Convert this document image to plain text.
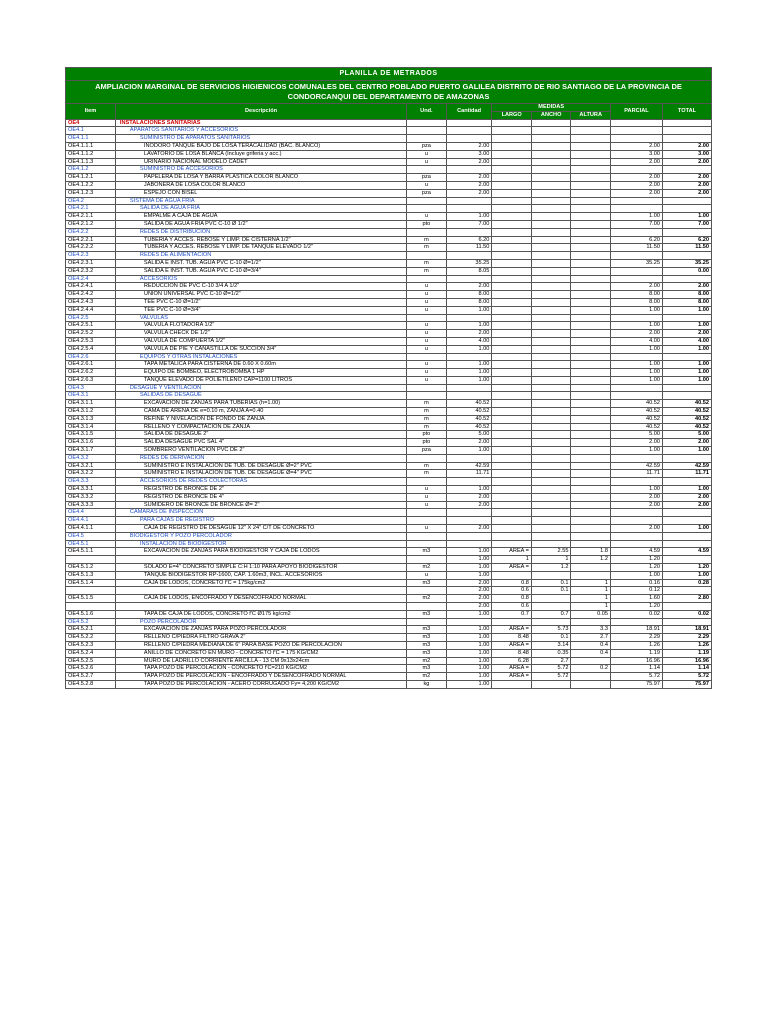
PLANILLA DE METRADOS								
AMPLIACION MARGINAL DE SERVICIOS HIGIENICOS COMUNALES DEL CENTRO POBLADO PUERTO GALILEA DISTRITO DE RIO SANTIAGO DE LA PROVINCIA DE CONDORCANQUI DEL DEPARTAMENTO DE AMAZONAS								
Item	Descripción	Und.	Cantidad	MEDIDAS			PARCIAL	TOTAL
				LARGO	ANCHO	ALTURA		
OE4	INSTALACIONES SANITARIAS							
OE4.1	APARATOS SANITARIOS Y ACCESORIOS							
OE4.1.1	SUMINISTRO DE APARATOS SANITARIOS							
OE4.1.1.1	INODORO TANQUE BAJO DE LOSA TERACALIDAD (BAC. BLANCO)	pza	2.00				2.00	2.00
OE4.1.1.2	LAVATORIO DE LOSA BLANCA (Incluye griferia y acc.)	u	3.00				3.00	3.00
OE4.1.1.3	URINARIO NACIONAL MODELO CADET	u	2.00				2.00	2.00
OE4.1.2	SUMINISTRO DE ACCESORIOS							
OE4.1.2.1	PAPELERA DE LOSA Y BARRA PLASTICA COLOR BLANCO	pza	2.00				2.00	2.00
OE4.1.2.2	JABONERA DE LOSA COLOR BLANCO	u	2.00				2.00	2.00
OE4.1.2.3	ESPEJO CON BISEL	pza	2.00				2.00	2.00
OE4.2	SISTEMA DE AGUA FRIA							
OE4.2.1	SALIDA DE AGUA FRIA							
OE4.2.1.1	EMPALME A CAJA DE AGUA	u	1.00				1.00	1.00
OE4.2.1.2	SALIDA DE AGUA FRIA PVC C-10 Ø 1/2"	pto	7.00				7.00	7.00
OE4.2.2	REDES DE DISTRIBUCION							
OE4.2.2.1	TUBERIA Y ACCES. REBOSE Y LIMP. DE CISTERNA 1/2"	m	6.20				6.20	6.20
OE4.2.2.2	TUBERIA Y ACCES. REBOSE Y LIMP. DE TANQUE ELEVADO 1/2"	m	11.50				11.50	11.50
OE4.2.3	REDES DE ALIMENTACION							
OE4.2.3.1	SALIDA E INST. TUB. AGUA PVC C-10 Ø=1/2"	m	35.25				35.25	35.25
OE4.2.3.2	SALIDA E INST. TUB. AGUA PVC C-10 Ø=3/4"	m	8.05					0.00
OE4.2.4	ACCESORIOS							
OE4.2.4.1	REDUCCION DE PVC C-10 3/4 A 1/2"	u	2.00				2.00	2.00
OE4.2.4.2	UNION UNIVERSAL PVC C-10 Ø=1/2"	u	8.00				8.00	8.00
OE4.2.4.3	TEE PVC C-10 Ø=1/2"	u	8.00				8.00	8.00
OE4.2.4.4	TEE PVC C-10 Ø=3/4"	u	1.00				1.00	1.00
OE4.2.5	VALVULAS							
OE4.2.5.1	VALVULA FLOTADORA 1/2"	u	1.00				1.00	1.00
OE4.2.5.2	VALVULA CHECK DE 1/2"	u	2.00				2.00	2.00
OE4.2.5.3	VALVULA DE COMPUERTA 1/2"	u	4.00				4.00	4.00
OE4.2.5.4	VALVULA DE PIE Y CANASTILLA DE SUCCION 3/4"	u	1.00				1.00	1.00
OE4.2.6	EQUIPOS Y OTRAS INSTALACIONES							
OE4.2.6.1	TAPA METALICA PARA CISTERNA DE 0.60 X 0.60m	u	1.00				1.00	1.00
OE4.2.6.2	EQUIPO DE BOMBEO, ELECTROBOMBA 1 HP	u	1.00				1.00	1.00
OE4.2.6.3	TANQUE ELEVADO DE POLIETILENO CAP=1100 LITROS	u	1.00				1.00	1.00
OE4.3	DESAGUE Y VENTILACION							
OE4.3.1	SALIDAS DE DESAGUE							
OE4.3.1.1	EXCAVACION DE ZANJAS PARA TUBERIAS (h=1.00)	m	40.52				40.52	40.52
OE4.3.1.2	CAMA DE ARENA DE e=0.10 m, ZANJA A=0.40	m	40.52				40.52	40.52
OE4.3.1.3	REFINE Y NIVELACION DE FONDO DE ZANJA	m	40.52				40.52	40.52
OE4.3.1.4	RELLENO Y COMPACTACION DE ZANJA	m	40.52				40.52	40.52
OE4.3.1.5	SALIDA DE DESAGUE 2"	pto	5.00				5.00	5.00
OE4.3.1.6	SALIDA DESAGUE PVC SAL 4"	pto	2.00				2.00	2.00
OE4.3.1.7	SOMBRERO VENTILACION PVC DE 2"	pza	1.00				1.00	1.00
OE4.3.2	REDES DE DERIVACION							
OE4.3.2.1	SUMINISTRO E INSTALACION DE TUB. DE DESAGUE Ø=2" PVC	m	42.59				42.59	42.59
OE4.3.2.2	SUMINISTRO E INSTALACION DE TUB. DE DESAGUE Ø=4" PVC	m	11.71				11.71	11.71
OE4.3.3	ACCESORIOS DE REDES COLECTORAS							
OE4.3.3.1	REGISTRO DE BRONCE DE 2"	u	1.00				1.00	1.00
OE4.3.3.2	REGISTRO DE BRONCE DE 4"	u	2.00				2.00	2.00
OE4.3.3.3	SUMIDERO DE BRONCE DE BRONCE Ø= 2"	u	2.00				2.00	2.00
OE4.4	CAMARAS DE INSPECCION							
OE4.4.1	PARA CAJAS DE REGISTRO							
OE4.4.1.1	CAJA DE REGISTRO DE DESAGUE 12" X 24" C/T DE CONCRETO	u	2.00				2.00	1.00
OE4.5	BIODIGESTOR Y POZO PERCOLADOR							
OE4.5.1	INSTALACION DE BIODIGESTOR							
OE4.5.1.1	EXCAVACION DE ZANJAS PARA BIODIGESTOR Y CAJA DE LODOS	m3	1.00	AREA =	2.55	1.8	4.59	4.59
			1.00	1	1	1.2	1.20	
OE4.5.1.2	SOLADO E=4" CONCRETO SIMPLE C:H 1:10 PARA APOYO BIODIGESTOR	m2	1.00	AREA =	1.2		1.20	1.20
OE4.5.1.3	TANQUE BIODIGESTOR RP-1600, CAP. 1.60m3, INCL. ACCESORIOS	u	1.00				1.00	1.00
OE4.5.1.4	CAJA DE LODOS, CONCRETO f'C = 175kg/cm2	m3	2.00	0.8	0.1	1	0.16	0.28
			2.00	0.6	0.1	1	0.12	
OE4.5.1.5	CAJA DE LODOS, ENCOFRADO Y DESENCOFRADO NORMAL	m2	2.00	0.8		1	1.60	2.80
			2.00	0.6		1	1.20	
OE4.5.1.6	TAPA DE CAJA DE LODOS, CONCRETO f'C Ø175 kg/cm2	m3	1.00	0.7	0.7	0.05	0.02	0.02
OE4.5.2	POZO PERCOLADOR							
OE4.5.2.1	EXCAVACION DE ZANJAS PARA POZO PERCOLADOR	m3	1.00	AREA =	5.73	3.3	18.91	18.91
OE4.5.2.2	RELLENO C/PIEDRA FILTRO GRAVA 2"	m3	1.00	8.48	0.1	2.7	2.29	2.29
OE4.5.2.3	RELLENO C/PIEDRA MEDIANA DE 6" PARA BASE POZO DE PERCOLACION	m3	1.00	AREA =	3.14	0.4	1.26	1.26
OE4.5.2.4	ANILLO DE CONCRETO EN MURO - CONCRETO f'C = 175 KG/CM2	m3	1.00	8.48	0.35	0.4	1.19	1.19
OE4.5.2.5	MURO DE LADRILLO CORRIENTE ARCILLA - 13 CM 9x13x24cm	m2	1.00	6.28	2.7		16.96	16.96
OE4.5.2.6	TAPA POZO DE PERCOLACION - CONCRETO f'C=210 KG/CM2	m3	1.00	AREA =	5.72	0.2	1.14	1.14
OE4.5.2.7	TAPA POZO DE PERCOLACION - ENCOFRADO Y DESENCOFRADO NORMAL	m2	1.00	AREA =	5.72		5.72	5.72
OE4.5.2.8	TAPA POZO DE PERCOLACION - ACERO CORRUGADO Fy= 4,200 KG/CM2	kg	1.00				75.97	75.97
